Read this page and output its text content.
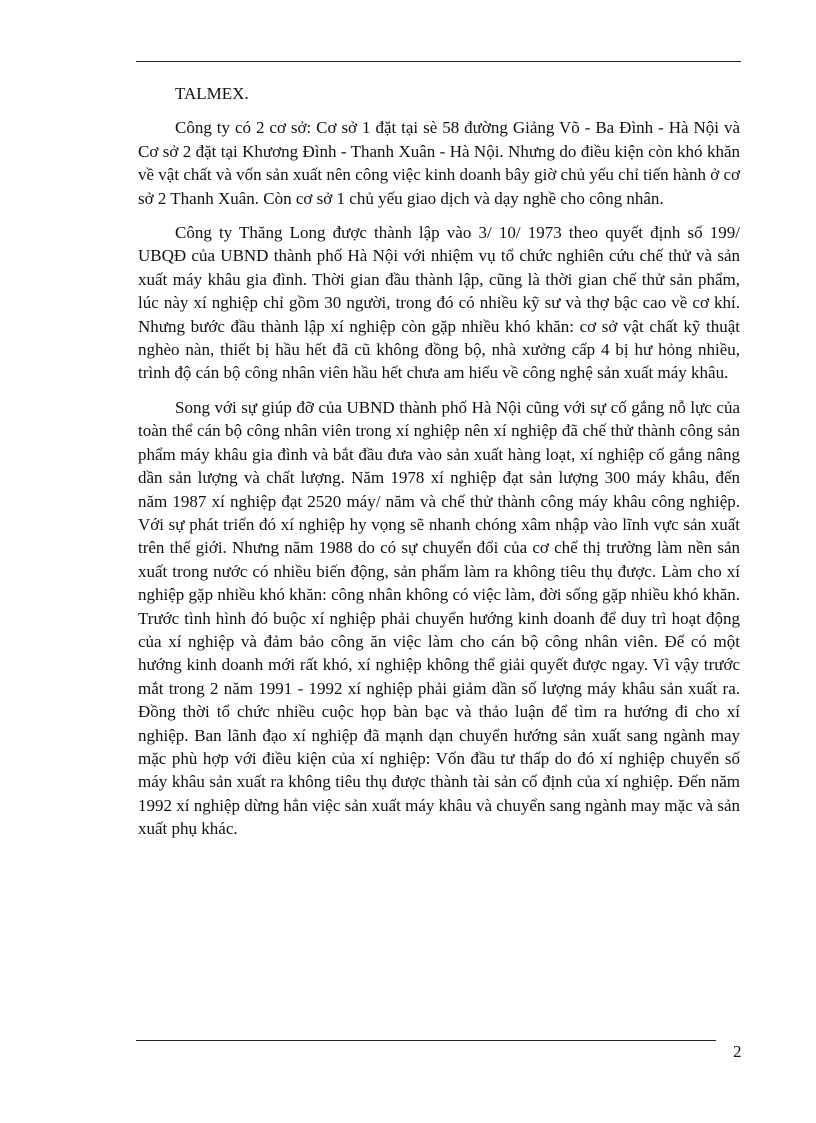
TALMEX.

Công ty có 2 cơ sở: Cơ sở 1 đặt tại sè 58 đường Giảng Võ - Ba Đình - Hà Nội và Cơ sở 2 đặt tại Khương Đình - Thanh Xuân - Hà Nội. Nhưng do điều kiện còn khó khăn về vật chất và vốn sản xuất nên công việc kinh doanh bây giờ chủ yếu chỉ tiến hành ở cơ sở 2 Thanh Xuân. Còn cơ sở 1 chủ yếu giao dịch và dạy nghề cho công nhân.

Công ty Thăng Long được thành lập vào 3/ 10/ 1973 theo quyết định số 199/ UBQĐ của UBND thành phố Hà Nội với nhiệm vụ tổ chức nghiên cứu chế thử và sản xuất máy khâu gia đình. Thời gian đầu thành lập, cũng là thời gian chế thử sản phẩm, lúc này xí nghiệp chỉ gồm 30 người, trong đó có nhiều kỹ sư và thợ bậc cao về cơ khí. Nhưng bước đầu thành lập xí nghiệp còn gặp nhiều khó khăn: cơ sở vật chất kỹ thuật nghèo nàn, thiết bị hầu hết đã cũ không đồng bộ, nhà xưởng cấp 4 bị hư hỏng nhiều, trình độ cán bộ công nhân viên hầu hết chưa am hiểu về công nghệ sản xuất máy khâu.

Song với sự giúp đỡ của UBND thành phố Hà Nội cũng với sự cố gắng nỗ lực của toàn thể cán bộ công nhân viên trong xí nghiệp nên xí nghiệp đã chế thử thành công sản phẩm máy khâu gia đình và bắt đầu đưa vào sản xuất hàng loạt, xí nghiệp cố gắng nâng dần sản lượng và chất lượng. Năm 1978 xí nghiệp đạt sản lượng 300 máy khâu, đến năm 1987 xí nghiệp đạt 2520 máy/ năm và chế thử thành công máy khâu công nghiệp. Với sự phát triển đó xí nghiệp hy vọng sẽ nhanh chóng xâm nhập vào lĩnh vực sản xuất trên thế giới. Nhưng năm 1988 do có sự chuyển đổi của cơ chế thị trường làm nền sản xuất trong nước có nhiều biến động, sản phẩm làm ra không tiêu thụ được. Làm cho xí nghiệp gặp nhiều khó khăn: công nhân không có việc làm, đời sống gặp nhiều khó khăn. Trước tình hình đó buộc xí nghiệp phải chuyển hướng kinh doanh để duy trì hoạt động của xí nghiệp và đảm bảo công ăn việc làm cho cán bộ công nhân viên. Để có một hướng kinh doanh mới rất khó, xí nghiệp không thể giải quyết được ngay. Vì vậy trước mắt trong 2 năm 1991 - 1992 xí nghiệp phải giảm dần số lượng máy khâu sản xuất ra. Đồng thời tổ chức nhiều cuộc họp bàn bạc và thảo luận để tìm ra hướng đi cho xí nghiệp. Ban lãnh đạo xí nghiệp đã mạnh dạn chuyển hướng sản xuất sang ngành may mặc phù hợp với điều kiện của xí nghiệp: Vốn đầu tư thấp do đó xí nghiệp chuyển số máy khâu sản xuất ra không tiêu thụ được thành tài sản cố định của xí nghiệp. Đến năm 1992 xí nghiệp dừng hẳn việc sản xuất máy khâu và chuyển sang ngành may mặc và sản xuất phụ khác.

2
